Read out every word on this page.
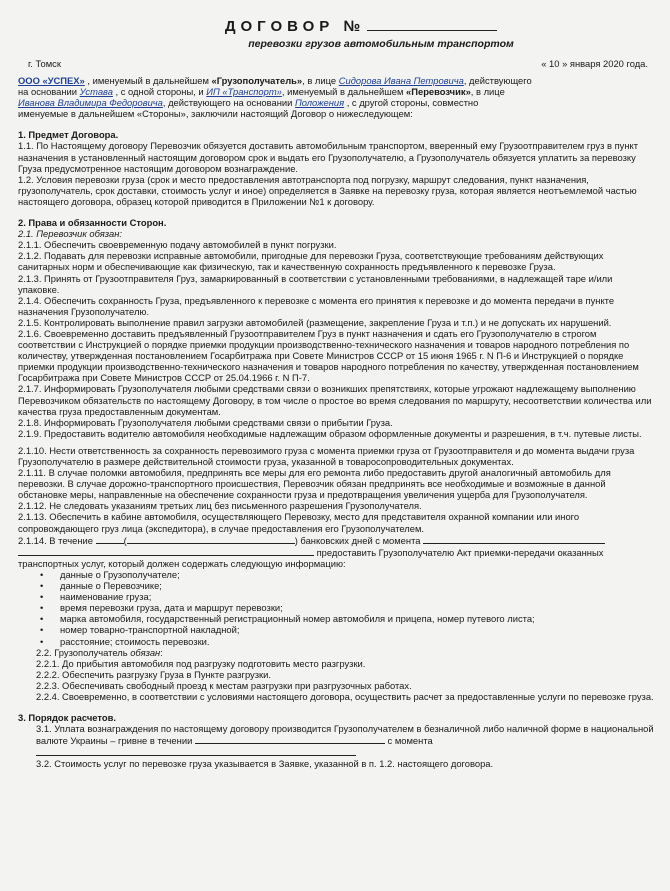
ДОГОВОР №
перевозки грузов автомобильным транспортом
г. Томск	« 10 » января 2020 года.

ООО «УСПЕХ» , именуемый в дальнейшем «Грузополучатель», в лице Сидорова Ивана Петровича, действующего

на основании Устава , с одной стороны, и ИП «Транспорт», именуемый в дальнейшем «Перевозчик», в лице

Иванова Владимира Федоровича, действующего на основании Положения , с другой стороны, совместно

именуемые в дальнейшем «Стороны», заключили настоящий Договор о нижеследующем:

1. Предмет Договора.

1.1. По Настоящему договору Перевозчик обязуется доставить автомобильным транспортом, вверенный ему Грузоотправителем груз в пункт назначения в установленный настоящим договором срок и выдать его Грузополучателю, а Грузополучатель обязуется уплатить за перевозку Груза предусмотренное настоящим договором вознаграждение.

1.2. Условия перевозки груза (срок и место предоставления автотранспорта под погрузку, маршрут следования, пункт назначения, грузополучатель, срок доставки, стоимость услуг и иное) определяется в Заявке на перевозку груза, которая является неотъемлемой частью настоящего договора, образец которой приводится в Приложении №1 к договору.

2. Права и обязанности Сторон.

2.1. Перевозчик обязан:

2.1.1. Обеспечить своевременную подачу автомобилей в пункт погрузки.

2.1.2. Подавать для перевозки исправные автомобили, пригодные для перевозки Груза, соответствующие требованиям действующих санитарных норм и обеспечивающие как физическую, так и качественную сохранность предъявленного к перевозке Груза.

2.1.3. Принять от Грузоотправителя Груз, замаркированный в соответствии с установленными требованиями, в надлежащей таре и/или упаковке.

2.1.4. Обеспечить сохранность Груза, предъявленного к перевозке с момента его принятия к перевозке и до момента передачи в пункте назначения Грузополучателю.

2.1.5. Контролировать выполнение правил загрузки автомобилей (размещение, закрепление Груза и т.п.) и не допускать их нарушений.

2.1.6. Своевременно доставить предъявленный Грузоотправителем Груз в пункт назначения и сдать его Грузополучателю в строгом соответствии с Инструкцией о порядке приемки продукции производственно-технического назначения и товаров народного потребления по количеству, утвержденная постановлением Госарбитража при Совете Министров СССР от 15 июня 1965 г. N П-6 и Инструкцией о порядке приемки продукции производственно-технического назначения и товаров народного потребления по качеству, утвержденная постановлением Госарбитража при Совете Министров СССР от 25.04.1966 г. N П-7.

2.1.7. Информировать Грузополучателя любыми средствами связи о возникших препятствиях, которые угрожают надлежащему выполнению Перевозчиком обязательств по настоящему Договору, в том числе о простое во время следования по маршруту, несоответствии количества или качества груза предоставленным документам.

2.1.8. Информировать Грузополучателя любыми средствами связи о прибытии Груза.

2.1.9. Предоставить водителю автомобиля необходимые надлежащим образом оформленные документы и разрешения, в т.ч. путевые листы.

2.1.10. Нести ответственность за сохранность перевозимого груза с момента приемки груза от Грузоотправителя и до момента выдачи груза Грузополучателю в размере действительной стоимости груза, указанной в товаросопроводительных документах.

2.1.11. В случае поломки автомобиля, предпринять все меры для его ремонта либо предоставить другой аналогичный автомобиль для перевозки. В случае дорожно-транспортного происшествия, Перевозчик обязан предпринять все необходимые и возможные в данной обстановке меры, направленные на обеспечение сохранности груза и предотвращения увеличения ущерба для Грузополучателя.

2.1.12. Не следовать указаниям третьих лиц без письменного разрешения Грузополучателя.

2.1.13. Обеспечить в кабине автомобиля, осуществляющего Перевозку, место для представителя охранной компании или иного сопровождающего груз лица (экспедитора), в случае предоставления его Грузополучателем.

2.1.14. В течение	(	) банковских дней с момента
предоставить Грузополучателю Акт приемки-передачи оказанных транспортных услуг, который должен содержать следующую информацию:

• данные о Грузополучателе;
• данные о Перевозчике;
• наименование груза;
• время перевозки груза, дата и маршрут перевозки;
• марка автомобиля, государственный регистрационный номер автомобиля и прицепа, номер путевого листа;
• номер товарно-транспортной накладной;
• расстояние; стоимость перевозки.

2.2. Грузополучатель обязан:

2.2.1. До прибытия автомобиля под разгрузку подготовить место разгрузки.

2.2.2. Обеспечить разгрузку Груза в Пункте разгрузки.

2.2.3. Обеспечивать свободный проезд к местам разгрузки при разгрузочных работах.

2.2.4. Своевременно, в соответствии с условиями настоящего договора, осуществить расчет за предоставленные услуги по перевозке груза.

3. Порядок расчетов.

3.1. Уплата вознаграждения по настоящему договору производится Грузополучателем в безналичной либо наличной форме в национальной валюте Украины – гривне в течении	с момента

3.2. Стоимость услуг по перевозке груза указывается в Заявке, указанной в п. 1.2. настоящего договора.
